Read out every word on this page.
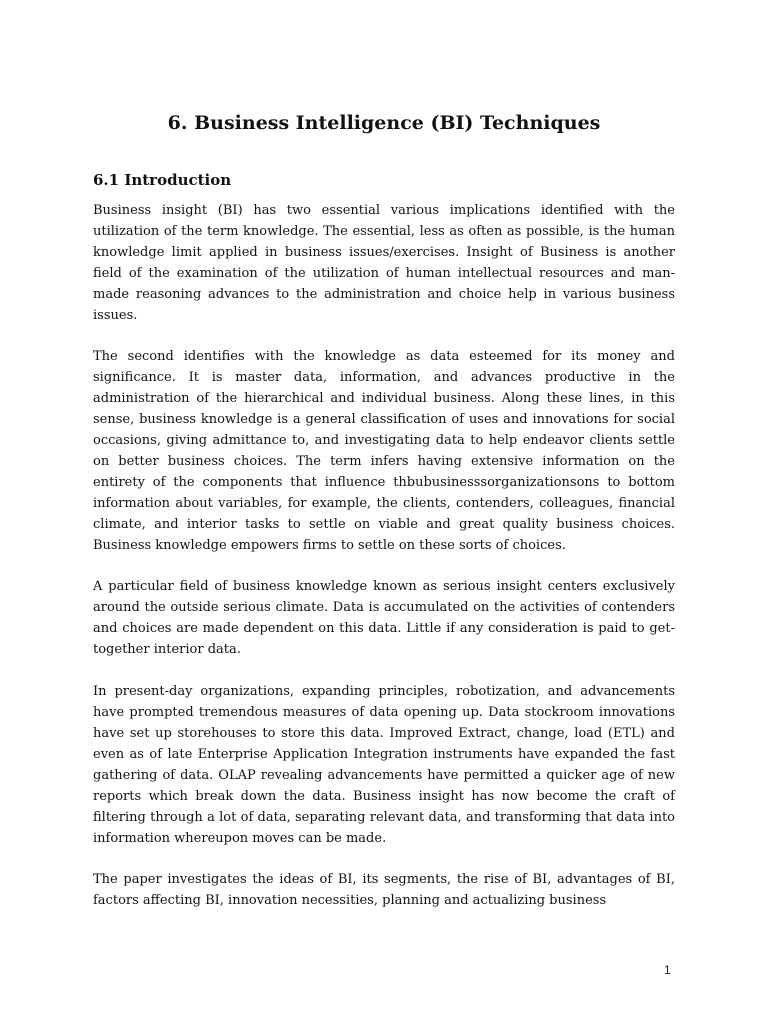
6. Business Intelligence (BI) Techniques
6.1 Introduction

Business insight (BI) has two essential various implications identified with the utilization of the term knowledge. The essential, less as often as possible, is the human knowledge limit applied in business issues/exercises. Insight of Business is another field of the examination of the utilization of human intellectual resources and man-made reasoning advances to the administration and choice help in various business issues.

The second identifies with the knowledge as data esteemed for its money and significance. It is master data, information, and advances productive in the administration of the hierarchical and individual business. Along these lines, in this sense, business knowledge is a general classification of uses and innovations for social occasions, giving admittance to, and investigating data to help endeavor clients settle on better business choices. The term infers having extensive information on the entirety of the components that influence thbubusinesssorganizationsons to bottom information about variables, for example, the clients, contenders, colleagues, financial climate, and interior tasks to settle on viable and great quality business choices. Business knowledge empowers firms to settle on these sorts of choices.

A particular field of business knowledge known as serious insight centers exclusively around the outside serious climate. Data is accumulated on the activities of contenders and choices are made dependent on this data. Little if any consideration is paid to get-together interior data.

In present-day organizations, expanding principles, robotization, and advancements have prompted tremendous measures of data opening up. Data stockroom innovations have set up storehouses to store this data. Improved Extract, change, load (ETL) and even as of late Enterprise Application Integration instruments have expanded the fast gathering of data. OLAP revealing advancements have permitted a quicker age of new reports which break down the data. Business insight has now become the craft of filtering through a lot of data, separating relevant data, and transforming that data into information whereupon moves can be made.

The paper investigates the ideas of BI, its segments, the rise of BI, advantages of BI, factors affecting BI, innovation necessities, planning and actualizing business

1
